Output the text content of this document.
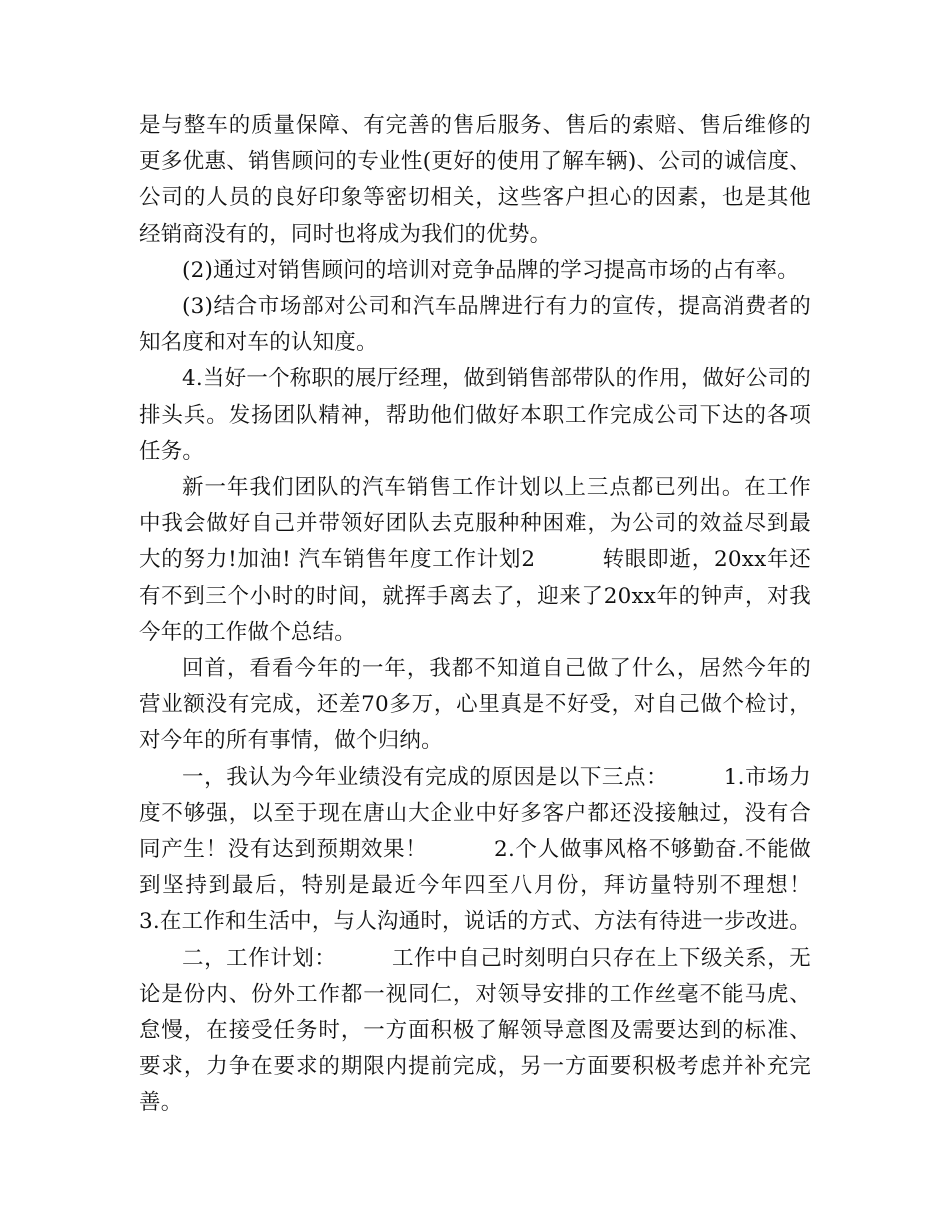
是与整车的质量保障、有完善的售后服务、售后的索赔、售后维修的更多优惠、销售顾问的专业性(更好的使用了解车辆)、公司的诚信度、公司的人员的良好印象等密切相关，这些客户担心的因素，也是其他经销商没有的，同时也将成为我们的优势。

(2)通过对销售顾问的培训对竞争品牌的学习提高市场的占有率。

(3)结合市场部对公司和汽车品牌进行有力的宣传，提高消费者的知名度和对车的认知度。

4.当好一个称职的展厅经理，做到销售部带队的作用，做好公司的排头兵。发扬团队精神，帮助他们做好本职工作完成公司下达的各项任务。

新一年我们团队的汽车销售工作计划以上三点都已列出。在工作中我会做好自己并带领好团队去克服种种困难，为公司的效益尽到最大的努力!加油! 汽车销售年度工作计划2　　　转眼即逝，20xx年还有不到三个小时的时间，就挥手离去了，迎来了20xx年的钟声，对我今年的工作做个总结。

回首，看看今年的一年，我都不知道自己做了什么，居然今年的营业额没有完成，还差70多万，心里真是不好受，对自己做个检讨，对今年的所有事情，做个归纳。

一，我认为今年业绩没有完成的原因是以下三点：　　　1.市场力度不够强，以至于现在唐山大企业中好多客户都还没接触过，没有合同产生！没有达到预期效果！　　　2.个人做事风格不够勤奋.不能做到坚持到最后，特别是最近今年四至八月份，拜访量特别不理想！　　　3.在工作和生活中，与人沟通时，说话的方式、方法有待进一步改进。

二，工作计划：　　　工作中自己时刻明白只存在上下级关系，无论是份内、份外工作都一视同仁，对领导安排的工作丝毫不能马虎、怠慢，在接受任务时，一方面积极了解领导意图及需要达到的标准、要求，力争在要求的期限内提前完成，另一方面要积极考虑并补充完善。
